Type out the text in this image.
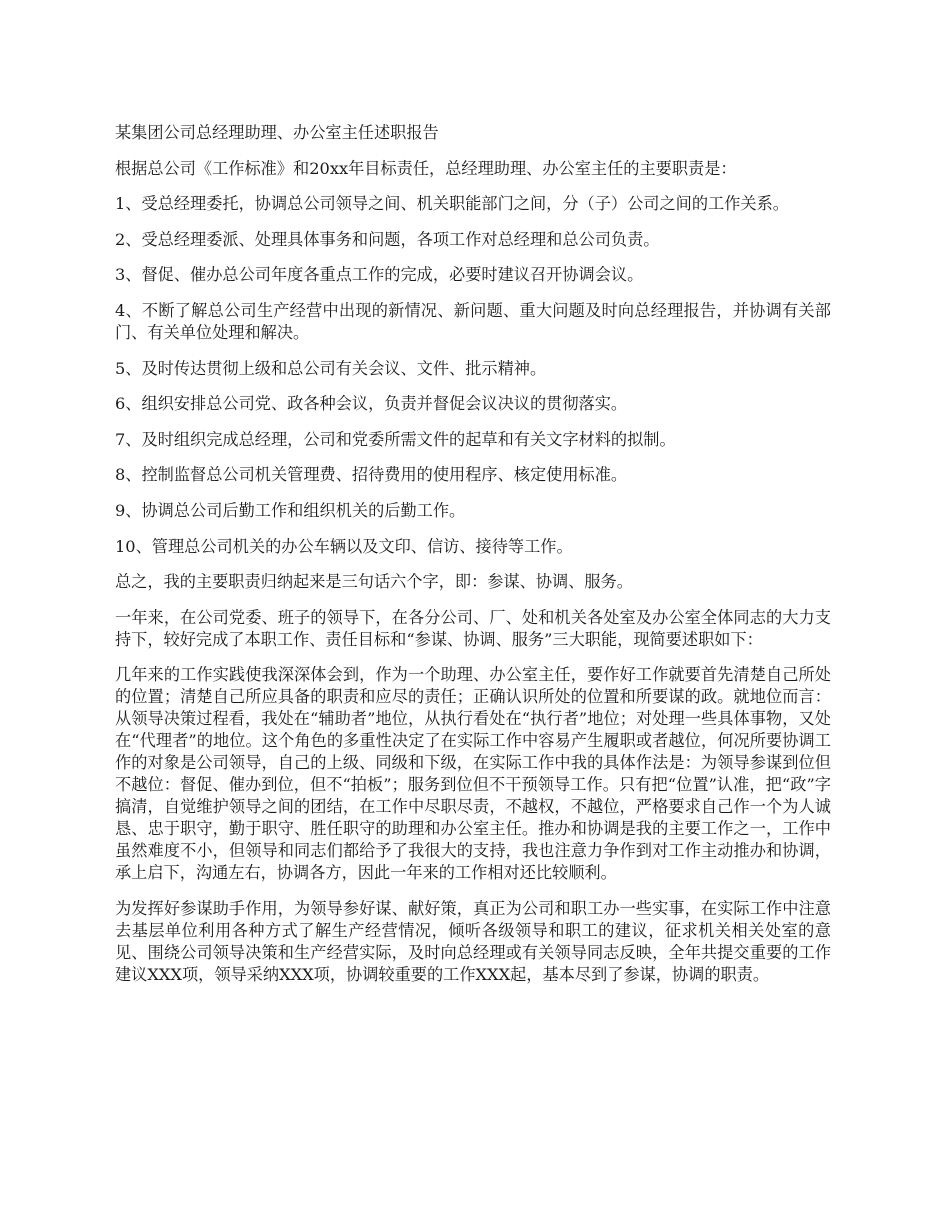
某集团公司总经理助理、办公室主任述职报告

根据总公司《工作标准》和20xx年目标责任，总经理助理、办公室主任的主要职责是：

1、受总经理委托，协调总公司领导之间、机关职能部门之间，分（子）公司之间的工作关系。

2、受总经理委派、处理具体事务和问题，各项工作对总经理和总公司负责。

3、督促、催办总公司年度各重点工作的完成，必要时建议召开协调会议。

4、不断了解总公司生产经营中出现的新情况、新问题、重大问题及时向总经理报告，并协调有关部门、有关单位处理和解决。

5、及时传达贯彻上级和总公司有关会议、文件、批示精神。

6、组织安排总公司党、政各种会议，负责并督促会议决议的贯彻落实。

7、及时组织完成总经理，公司和党委所需文件的起草和有关文字材料的拟制。

8、控制监督总公司机关管理费、招待费用的使用程序、核定使用标准。

9、协调总公司后勤工作和组织机关的后勤工作。

10、管理总公司机关的办公车辆以及文印、信访、接待等工作。

总之，我的主要职责归纳起来是三句话六个字，即：参谋、协调、服务。

一年来，在公司党委、班子的领导下，在各分公司、厂、处和机关各处室及办公室全体同志的大力支持下，较好完成了本职工作、责任目标和“参谋、协调、服务”三大职能，现简要述职如下：

几年来的工作实践使我深深体会到，作为一个助理、办公室主任，要作好工作就要首先清楚自己所处的位置；清楚自己所应具备的职责和应尽的责任；正确认识所处的位置和所要谋的政。就地位而言：从领导决策过程看，我处在“辅助者”地位，从执行看处在“执行者”地位；对处理一些具体事物，又处在“代理者”的地位。这个角色的多重性决定了在实际工作中容易产生履职或者越位，何况所要协调工作的对象是公司领导，自己的上级、同级和下级，在实际工作中我的具体作法是：为领导参谋到位但不越位：督促、催办到位，但不“拍板”；服务到位但不干预领导工作。只有把“位置”认准，把“政”字搞清，自觉维护领导之间的团结，在工作中尽职尽责，不越权，不越位，严格要求自己作一个为人诚恳、忠于职守，勤于职守、胜任职守的助理和办公室主任。推办和协调是我的主要工作之一，工作中虽然难度不小，但领导和同志们都给予了我很大的支持，我也注意力争作到对工作主动推办和协调，承上启下，沟通左右，协调各方，因此一年来的工作相对还比较顺利。

为发挥好参谋助手作用，为领导参好谋、献好策，真正为公司和职工办一些实事，在实际工作中注意去基层单位利用各种方式了解生产经营情况，倾听各级领导和职工的建议，征求机关相关处室的意见、围绕公司领导决策和生产经营实际，及时向总经理或有关领导同志反映，全年共提交重要的工作建议XXX项，领导采纳XXX项，协调较重要的工作XXX起，基本尽到了参谋，协调的职责。
